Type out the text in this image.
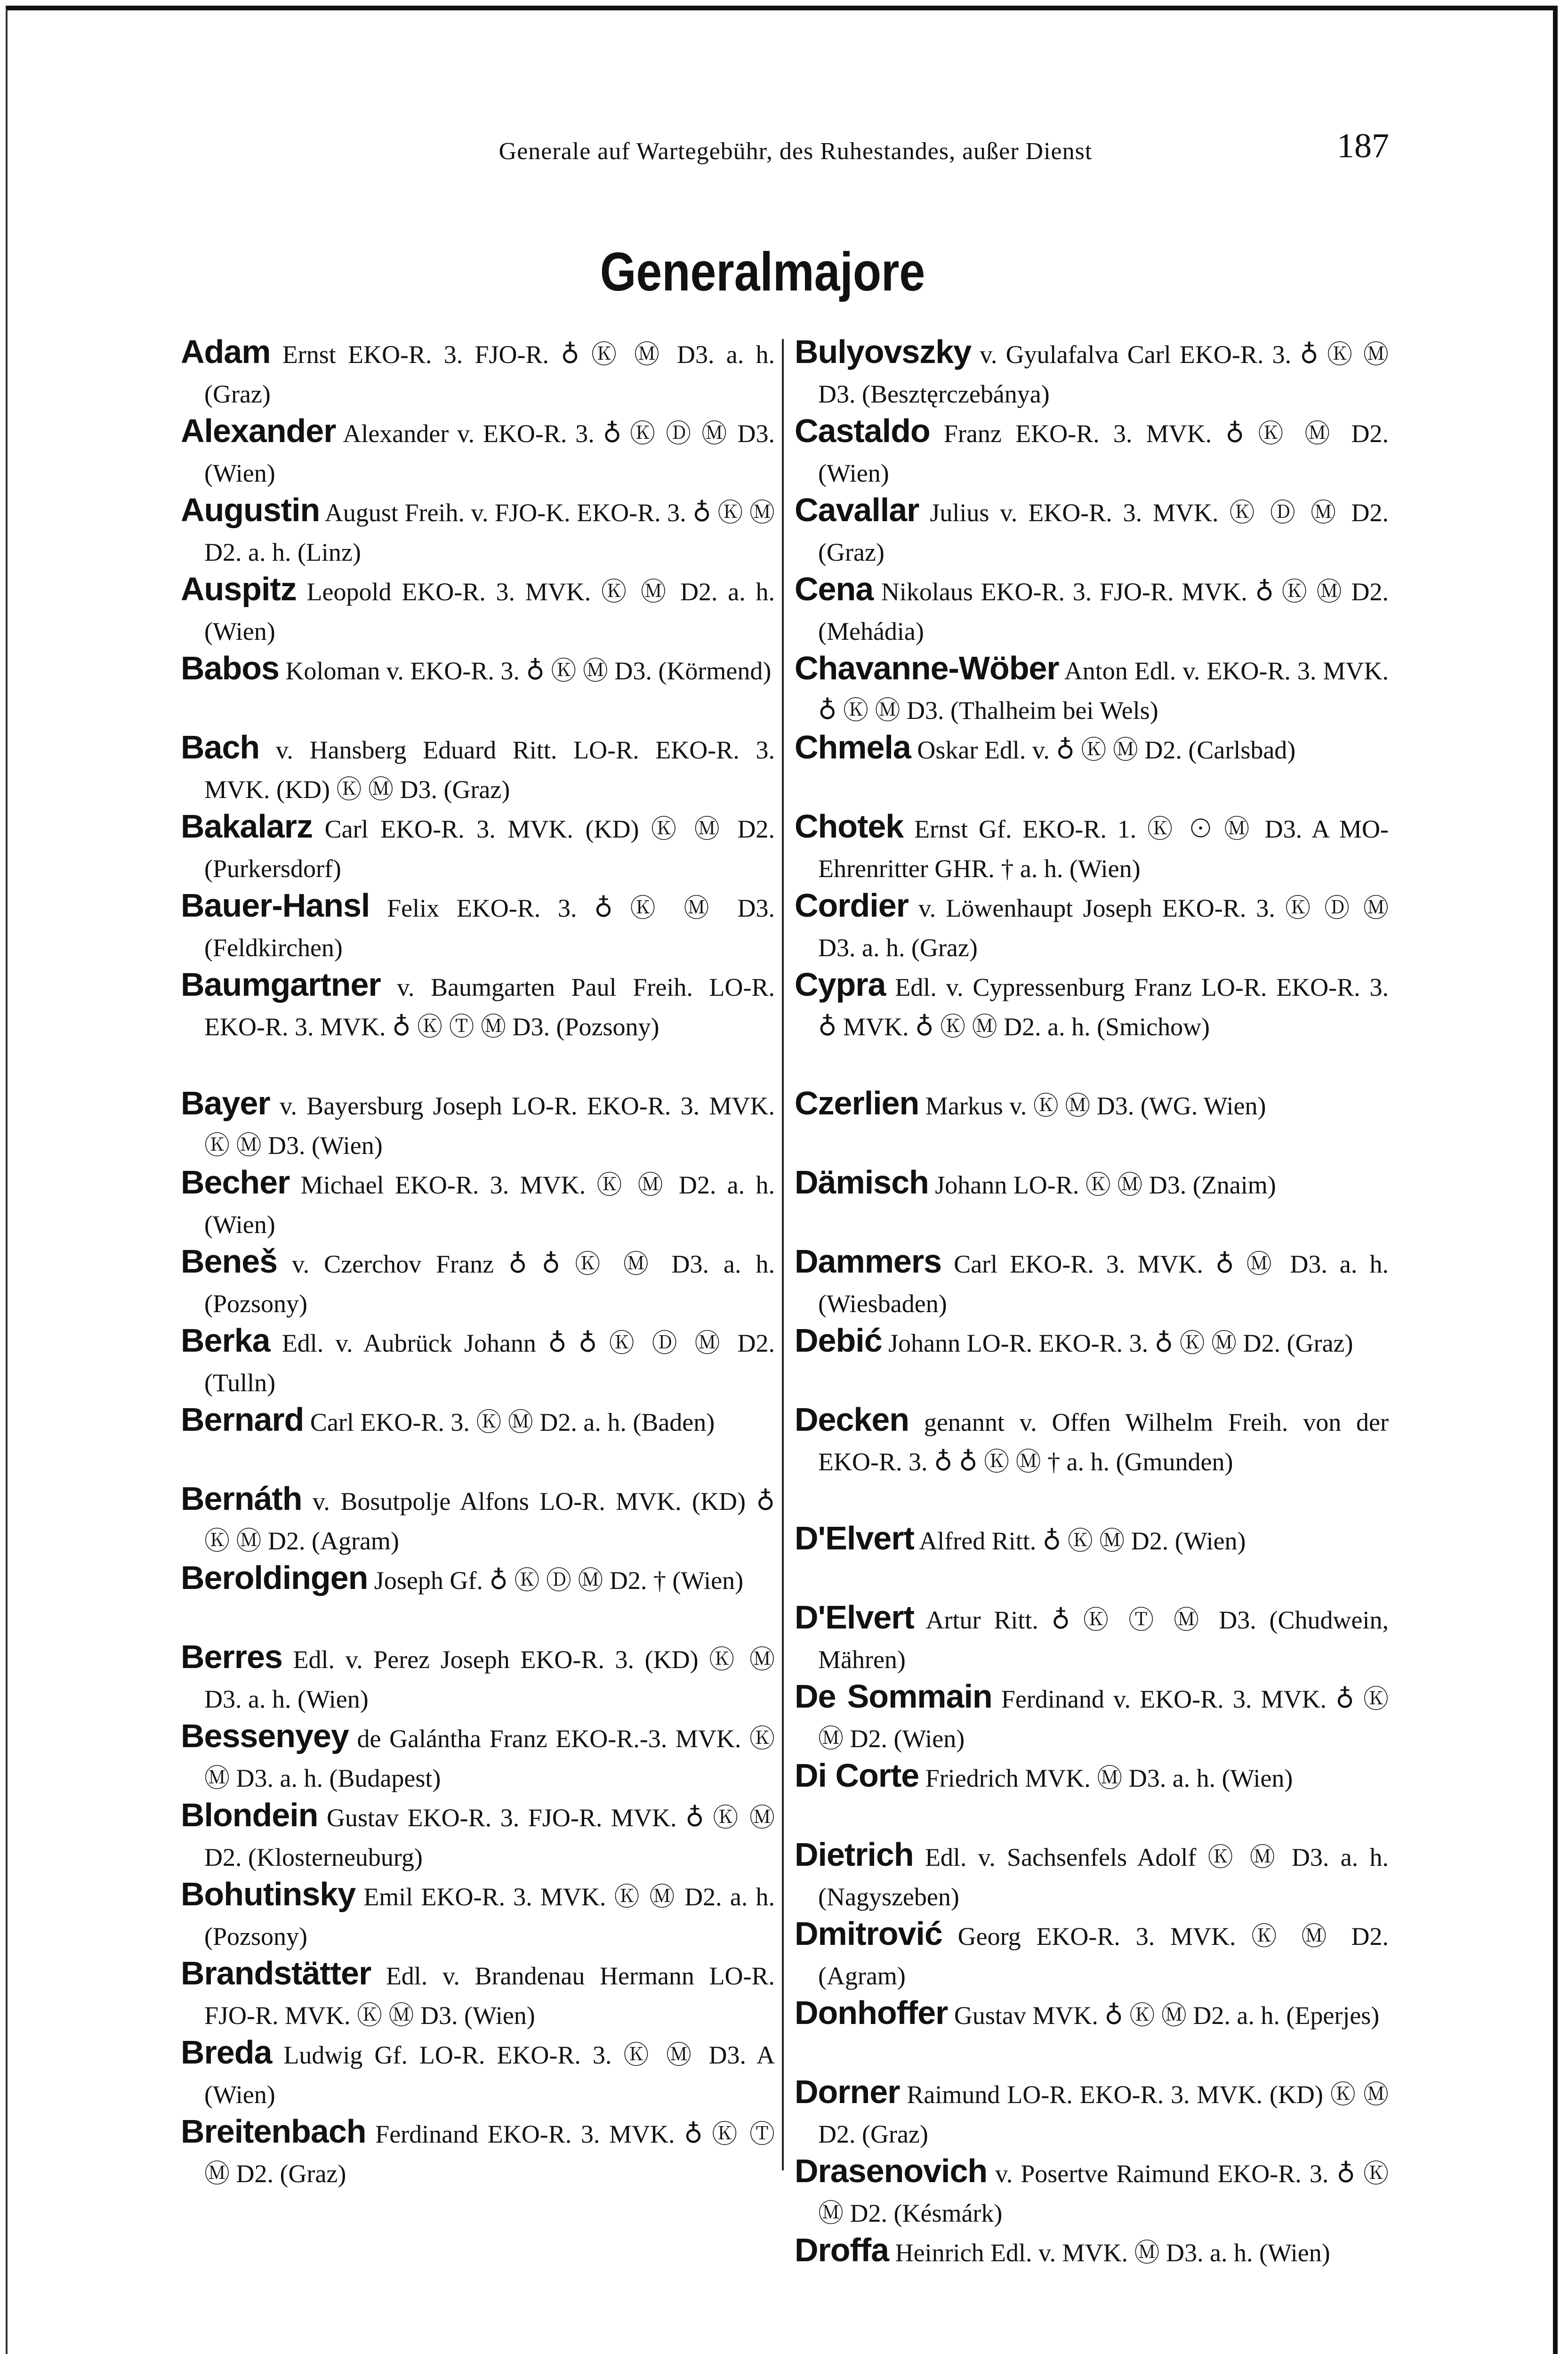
Generale auf Wartegebühr, des Ruhestandes, außer Dienst	187
Generalmajore
Adam Ernst EKO-R. 3. FJO-R. ♁ Ⓚ Ⓜ D3. a. h. (Graz)
Alexander Alexander v. EKO-R. 3. ♁ Ⓚ Ⓓ Ⓜ D3. (Wien)
Augustin August Freih. v. FJO-K. EKO-R. 3. ♁ Ⓚ Ⓜ D2. a. h. (Linz)
Auspitz Leopold EKO-R. 3. MVK. Ⓚ Ⓜ D2. a. h. (Wien)
Babos Koloman v. EKO-R. 3. ♁ Ⓚ Ⓜ D3. (Körmend)
Bach v. Hansberg Eduard Ritt. LO-R. EKO-R. 3. MVK. (KD) Ⓚ Ⓜ D3. (Graz)
Bakalarz Carl EKO-R. 3. MVK. (KD) Ⓚ Ⓜ D2. (Purkersdorf)
Bauer-Hansl Felix EKO-R. 3. ♁ Ⓚ Ⓜ D3. (Feldkirchen)
Baumgartner v. Baumgarten Paul Freih. LO-R. EKO-R. 3. MVK. ♁ Ⓚ Ⓣ Ⓜ D3. (Pozsony)
Bayer v. Bayersburg Joseph LO-R. EKO-R. 3. MVK. Ⓚ Ⓜ D3. (Wien)
Becher Michael EKO-R. 3. MVK. Ⓚ Ⓜ D2. a. h. (Wien)
Beneš v. Czerchov Franz ♁ ♁ Ⓚ Ⓜ D3. a. h. (Pozsony)
Berka Edl. v. Aubrück Johann ♁ ♁ Ⓚ Ⓓ Ⓜ D2. (Tulln)
Bernard Carl EKO-R. 3. Ⓚ Ⓜ D2. a. h. (Baden)
Bernáth v. Bosutpolje Alfons LO-R. MVK. (KD) ♁ Ⓚ Ⓜ D2. (Agram)
Beroldingen Joseph Gf. ♁ Ⓚ Ⓓ Ⓜ D2. † (Wien)
Berres Edl. v. Perez Joseph EKO-R. 3. (KD) Ⓚ Ⓜ D3. a. h. (Wien)
Bessenyey de Galántha Franz EKO-R.-3. MVK. Ⓚ Ⓜ D3. a. h. (Budapest)
Blondein Gustav EKO-R. 3. FJO-R. MVK. ♁ Ⓚ Ⓜ D2. (Klosterneuburg)
Bohutinsky Emil EKO-R. 3. MVK. Ⓚ Ⓜ D2. a. h. (Pozsony)
Brandstätter Edl. v. Brandenau Hermann LO-R. FJO-R. MVK. Ⓚ Ⓜ D3. (Wien)
Breda Ludwig Gf. LO-R. EKO-R. 3. Ⓚ Ⓜ D3. A (Wien)
Breitenbach Ferdinand EKO-R. 3. MVK. ♁ Ⓚ Ⓣ Ⓜ D2. (Graz)
Bulyovszky v. Gyulafalva Carl EKO-R. 3. ♁ Ⓚ Ⓜ D3. (Besztęrczebánya)
Castaldo Franz EKO-R. 3. MVK. ♁ Ⓚ Ⓜ D2. (Wien)
Cavallar Julius v. EKO-R. 3. MVK. Ⓚ Ⓓ Ⓜ D2. (Graz)
Cena Nikolaus EKO-R. 3. FJO-R. MVK. ♁ Ⓚ Ⓜ D2. (Mehádia)
Chavanne-Wöber Anton Edl. v. EKO-R. 3. MVK. ♁ Ⓚ Ⓜ D3. (Thalheim bei Wels)
Chmela Oskar Edl. v. ♁ Ⓚ Ⓜ D2. (Carlsbad)
Chotek Ernst Gf. EKO-R. 1. Ⓚ ⊙ Ⓜ D3. A MO-Ehrenritter GHR. † a. h. (Wien)
Cordier v. Löwenhaupt Joseph EKO-R. 3. Ⓚ Ⓓ Ⓜ D3. a. h. (Graz)
Cypra Edl. v. Cypressenburg Franz LO-R. EKO-R. 3. ♁ MVK. ♁ Ⓚ Ⓜ D2. a. h. (Smichow)
Czerlien Markus v. Ⓚ Ⓜ D3. (WG. Wien)
Dämisch Johann LO-R. Ⓚ Ⓜ D3. (Znaim)
Dammers Carl EKO-R. 3. MVK. ♁ Ⓜ D3. a. h. (Wiesbaden)
Debić Johann LO-R. EKO-R. 3. ♁ Ⓚ Ⓜ D2. (Graz)
Decken genannt v. Offen Wilhelm Freih. von der EKO-R. 3. ♁ ♁ Ⓚ Ⓜ † a. h. (Gmunden)
D'Elvert Alfred Ritt. ♁ Ⓚ Ⓜ D2. (Wien)
D'Elvert Artur Ritt. ♁ Ⓚ Ⓣ Ⓜ D3. (Chudwein, Mähren)
De Sommain Ferdinand v. EKO-R. 3. MVK. ♁ Ⓚ Ⓜ D2. (Wien)
Di Corte Friedrich MVK. Ⓜ D3. a. h. (Wien)
Dietrich Edl. v. Sachsenfels Adolf Ⓚ Ⓜ D3. a. h. (Nagyszeben)
Dmitrović Georg EKO-R. 3. MVK. Ⓚ Ⓜ D2. (Agram)
Donhoffer Gustav MVK. ♁ Ⓚ Ⓜ D2. a. h. (Eperjes)
Dorner Raimund LO-R. EKO-R. 3. MVK. (KD) Ⓚ Ⓜ D2. (Graz)
Drasenovich v. Posertve Raimund EKO-R. 3. ♁ Ⓚ Ⓜ D2. (Késmárk)
Droffa Heinrich Edl. v. MVK. Ⓜ D3. a. h. (Wien)
